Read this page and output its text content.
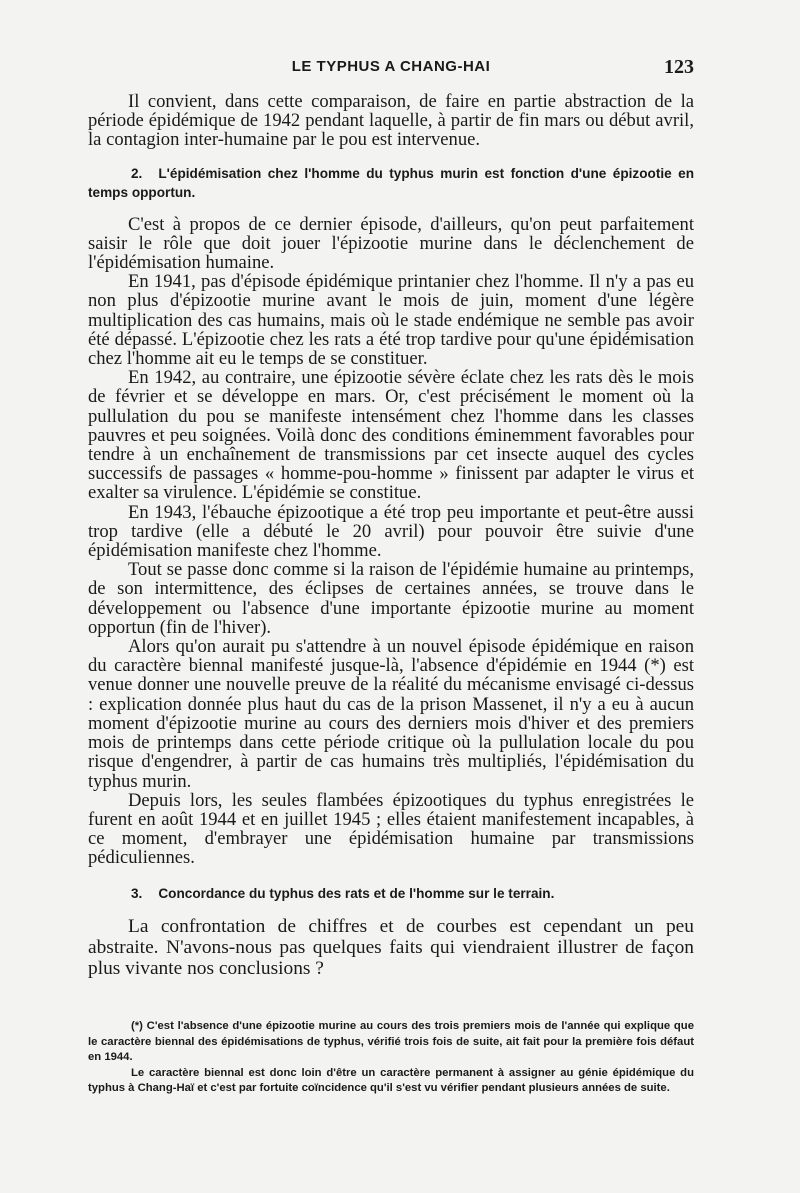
LE TYPHUS A CHANG-HAI	123

Il convient, dans cette comparaison, de faire en partie abstraction de la période épidémique de 1942 pendant laquelle, à partir de fin mars ou début avril, la contagion inter-humaine par le pou est intervenue.

2. L'épidémisation chez l'homme du typhus murin est fonction d'une épizootie en temps opportun.

C'est à propos de ce dernier épisode, d'ailleurs, qu'on peut parfaitement saisir le rôle que doit jouer l'épizootie murine dans le déclenchement de l'épidémisation humaine.

En 1941, pas d'épisode épidémique printanier chez l'homme. Il n'y a pas eu non plus d'épizootie murine avant le mois de juin, moment d'une légère multiplication des cas humains, mais où le stade endémique ne semble pas avoir été dépassé. L'épizootie chez les rats a été trop tardive pour qu'une épidémisation chez l'homme ait eu le temps de se constituer.

En 1942, au contraire, une épizootie sévère éclate chez les rats dès le mois de février et se développe en mars. Or, c'est précisément le moment où la pullulation du pou se manifeste intensément chez l'homme dans les classes pauvres et peu soignées. Voilà donc des conditions éminemment favorables pour tendre à un enchaînement de transmissions par cet insecte auquel des cycles successifs de passages « homme-pou-homme » finissent par adapter le virus et exalter sa virulence. L'épidémie se constitue.

En 1943, l'ébauche épizootique a été trop peu importante et peut-être aussi trop tardive (elle a débuté le 20 avril) pour pouvoir être suivie d'une épidémisation manifeste chez l'homme.

Tout se passe donc comme si la raison de l'épidémie humaine au printemps, de son intermittence, des éclipses de certaines années, se trouve dans le développement ou l'absence d'une importante épizootie murine au moment opportun (fin de l'hiver).

Alors qu'on aurait pu s'attendre à un nouvel épisode épidémique en raison du caractère biennal manifesté jusque-là, l'absence d'épidémie en 1944 (*) est venue donner une nouvelle preuve de la réalité du mécanisme envisagé ci-dessus : explication donnée plus haut du cas de la prison Massenet, il n'y a eu à aucun moment d'épizootie murine au cours des derniers mois d'hiver et des premiers mois de printemps dans cette période critique où la pullulation locale du pou risque d'engendrer, à partir de cas humains très multipliés, l'épidémisation du typhus murin.

Depuis lors, les seules flambées épizootiques du typhus enregistrées le furent en août 1944 et en juillet 1945 ; elles étaient manifestement incapables, à ce moment, d'embrayer une épidémisation humaine par transmissions pédiculiennes.

3. Concordance du typhus des rats et de l'homme sur le terrain.

La confrontation de chiffres et de courbes est cependant un peu abstraite. N'avons-nous pas quelques faits qui viendraient illustrer de façon plus vivante nos conclusions ?

(*) C'est l'absence d'une épizootie murine au cours des trois premiers mois de l'année qui explique que le caractère biennal des épidémisations de typhus, vérifié trois fois de suite, ait fait pour la première fois défaut en 1944.

Le caractère biennal est donc loin d'être un caractère permanent à assigner au génie épidémique du typhus à Chang-Haï et c'est par fortuite coïncidence qu'il s'est vu vérifier pendant plusieurs années de suite.
